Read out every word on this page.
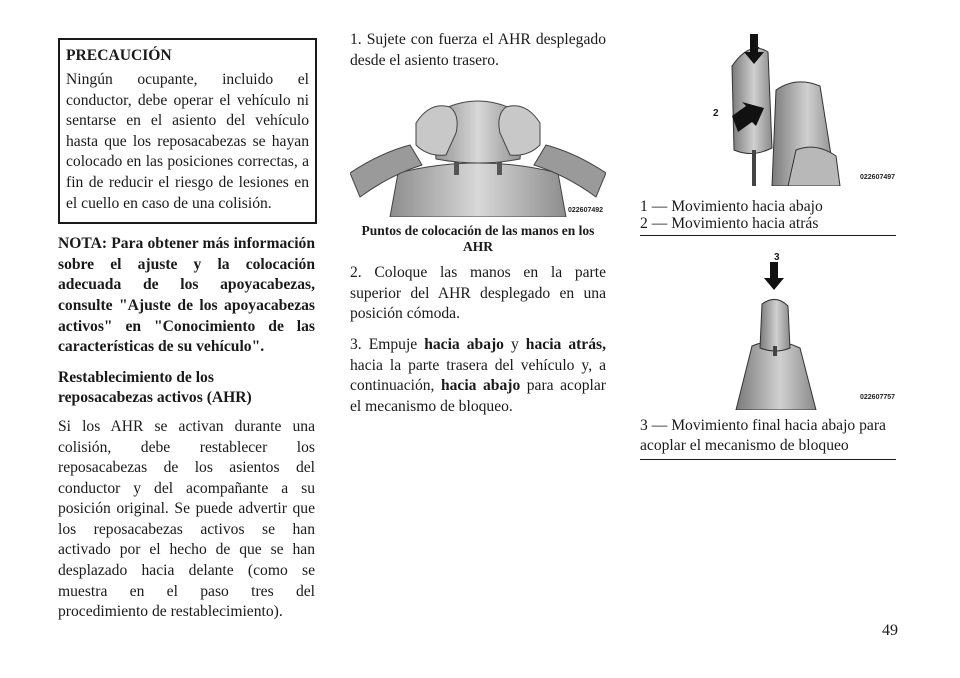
PRECAUCIÓN
Ningún ocupante, incluido el conductor, debe operar el vehículo ni sentarse en el asiento del vehículo hasta que los reposacabezas se hayan colocado en las posiciones correctas, a fin de reducir el riesgo de lesiones en el cuello en caso de una colisión.
NOTA: Para obtener más información sobre el ajuste y la colocación adecuada de los apoyacabezas, consulte "Ajuste de los apoyacabezas activos" en "Conocimiento de las características de su vehículo".
Restablecimiento de los
reposacabezas activos (AHR)

Si los AHR se activan durante una colisión, debe restablecer los reposacabezas de los asientos del conductor y del acompañante a su posición original. Se puede advertir que los reposacabezas activos se han activado por el hecho de que se han desplazado hacia delante (como se muestra en el paso tres del procedimiento de restablecimiento).

1. Sujete con fuerza el AHR desplegado desde el asiento trasero.

022607492
Puntos de colocación de las manos en los AHR

2. Coloque las manos en la parte superior del AHR desplegado en una posición cómoda.

3. Empuje hacia abajo y hacia atrás, hacia la parte trasera del vehículo y, a continuación, hacia abajo para acoplar el mecanismo de bloqueo.

1
2
022607497
1 — Movimiento hacia abajo
2 — Movimiento hacia atrás
3
022607757
3 — Movimiento final hacia abajo para acoplar el mecanismo de bloqueo
49
